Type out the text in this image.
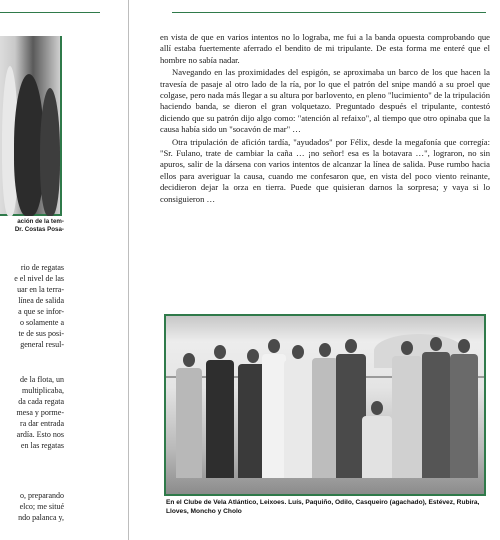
ación de la tem-
Dr. Costas Posa-
rio de regatas
e el nivel de las
uar en la terra-
línea de salida
a que se infor-
o solamente a
te de sus posi-
general resul-
de la flota, un
multiplicaba,
da cada regata
mesa y porme-
ra dar entrada
ardía. Esto nos
en las regatas
o, preparando
elco; me situé
ndo palanca y,

en vista de que en varios intentos no lo lograba, me fui a la banda opuesta comprobando que allí estaba fuertemente aferrado el bendito de mi tripulante. De esta forma me enteré que el hombre no sabía nadar.

Navegando en las proximidades del espigón, se aproximaba un barco de los que hacen la travesía de pasaje al otro lado de la ría, por lo que el patrón del snipe mandó a su proel que colgase, pero nada más llegar a su altura por barlovento, en pleno "lucimiento" de la tripulación haciendo banda, se dieron el gran volquetazo. Preguntado después el tripulante, contestó diciendo que su patrón dijo algo como: "atención al refaixo", al tiempo que otro opinaba que la causa había sido un "socavón de mar" …

Otra tripulación de afición tardía, "ayudados" por Félix, desde la megafonía que corregía: "Sr. Fulano, trate de cambiar la caña … ¡no señor! esa es la botavara …", lograron, no sin apuros, salir de la dársena con varios intentos de alcanzar la línea de salida. Puse rumbo hacia ellos para averiguar la causa, cuando me confesaron que, en vista del poco viento reinante, decidieron dejar la orza en tierra. Puede que quisieran darnos la sorpresa; y vaya si lo consiguieron …

En el Clube de Vela Atlántico, Leixoes. Luís, Paquiño, Odilo, Casqueiro (agachado), Estévez, Rubira, Lloves, Moncho y Cholo
